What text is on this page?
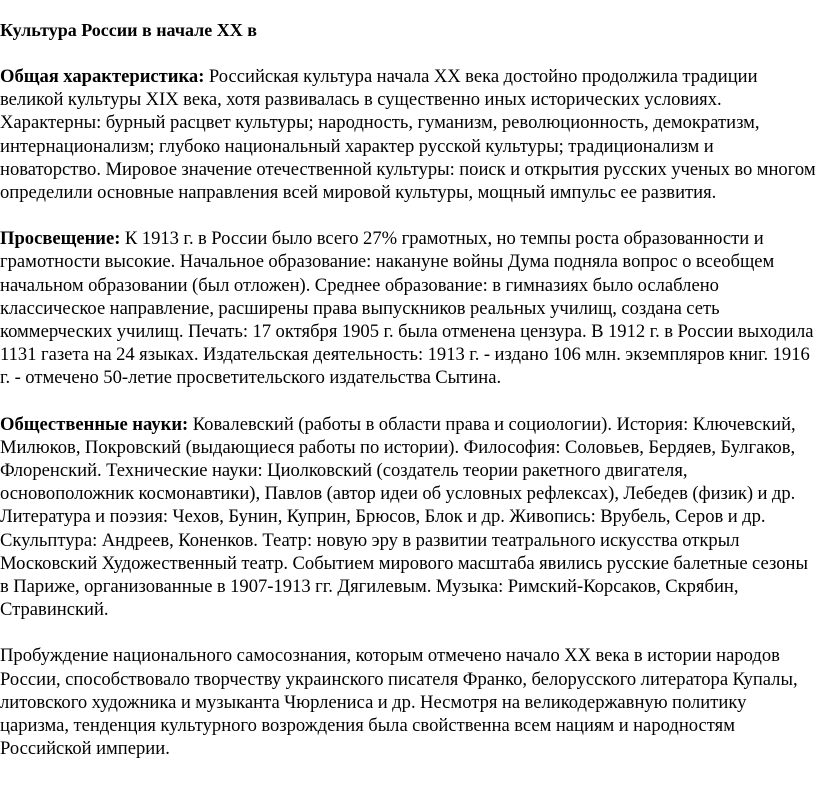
Культура России в начале XX в

Общая характеристика: Российская культура начала XX века достойно продолжила традиции великой культуры XIX века, хотя развивалась в существенно иных исторических условиях. Характерны: бурный расцвет культуры; народность, гуманизм, революционность, демократизм, интернационализм; глубоко национальный характер русской культуры; традиционализм и новаторство. Мировое значение отечественной культуры: поиск и открытия русских ученых во многом определили основные направления всей мировой культуры, мощный импульс ее развития.

Просвещение: К 1913 г. в России было всего 27% грамотных, но темпы роста образованности и грамотности высокие. Начальное образование: накануне войны Дума подняла вопрос о всеобщем начальном образовании (был отложен). Среднее образование: в гимназиях было ослаблено классическое направление, расширены права выпускников реальных училищ, создана сеть коммерческих училищ. Печать: 17 октября 1905 г. была отменена цензура. В 1912 г. в России выходила 1131 газета на 24 языках. Издательская деятельность: 1913 г. - издано 106 млн. экземпляров книг. 1916 г. - отмечено 50-летие просветительского издательства Сытина.

Общественные науки: Ковалевский (работы в области права и социологии). История: Ключевский, Милюков, Покровский (выдающиеся работы по истории). Философия: Соловьев, Бердяев, Булгаков, Флоренский. Технические науки: Циолковский (создатель теории ракетного двигателя, основоположник космонавтики), Павлов (автор идеи об условных рефлексах), Лебедев (физик) и др. Литература и поэзия: Чехов, Бунин, Куприн, Брюсов, Блок и др. Живопись: Врубель, Серов и др. Скульптура: Андреев, Коненков. Театр: новую эру в развитии театрального искусства открыл Московский Художественный театр. Событием мирового масштаба явились русские балетные сезоны в Париже, организованные в 1907-1913 гг. Дягилевым. Музыка: Римский-Корсаков, Скрябин, Стравинский.

Пробуждение национального самосознания, которым отмечено начало XX века в истории народов России, способствовало творчеству украинского писателя Франко, белорусского литератора Купалы, литовского художника и музыканта Чюрлениса и др. Несмотря на великодержавную политику царизма, тенденция культурного возрождения была свойственна всем нациям и народностям Российской империи.
